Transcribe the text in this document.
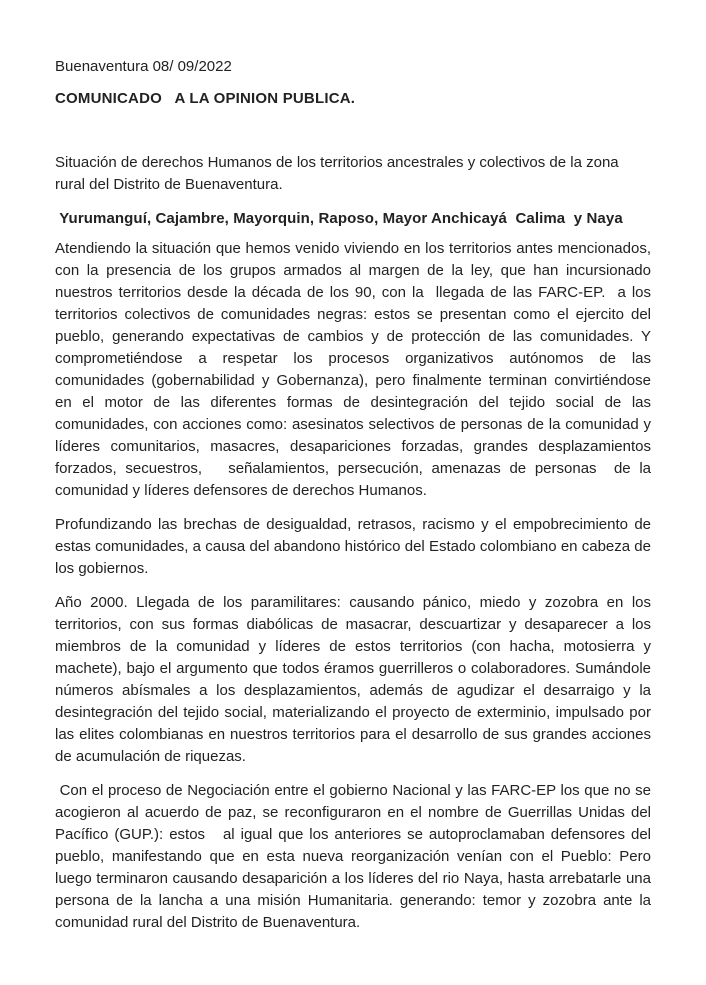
Buenaventura 08/ 09/2022

COMUNICADO   A LA OPINION PUBLICA.

Situación de derechos Humanos de los territorios ancestrales y colectivos de la zona rural del Distrito de Buenaventura.

Yurumanguí, Cajambre, Mayorquin, Raposo, Mayor Anchicayá  Calima  y Naya

Atendiendo la situación que hemos venido viviendo en los territorios antes mencionados, con la presencia de los grupos armados al margen de la ley, que han incursionado nuestros territorios desde la década de los 90, con la  llegada de las FARC-EP.  a los territorios colectivos de comunidades negras: estos se presentan como el ejercito del pueblo, generando expectativas de cambios y de protección de las comunidades. Y comprometiéndose a respetar los procesos organizativos autónomos de las comunidades (gobernabilidad y Gobernanza), pero finalmente terminan convirtiéndose en el motor de las diferentes formas de desintegración del tejido social de las comunidades, con acciones como: asesinatos selectivos de personas de la comunidad y líderes comunitarios, masacres, desapariciones forzadas, grandes desplazamientos forzados, secuestros,   señalamientos, persecución, amenazas de personas  de la comunidad y líderes defensores de derechos Humanos.

Profundizando las brechas de desigualdad, retrasos, racismo y el empobrecimiento de estas comunidades, a causa del abandono histórico del Estado colombiano en cabeza de los gobiernos.

Año 2000. Llegada de los paramilitares: causando pánico, miedo y zozobra en los territorios, con sus formas diabólicas de masacrar, descuartizar y desaparecer a los miembros de la comunidad y líderes de estos territorios (con hacha, motosierra y machete), bajo el argumento que todos éramos guerrilleros o colaboradores. Sumándole números abísmales a los desplazamientos, además de agudizar el desarraigo y la desintegración del tejido social, materializando el proyecto de exterminio, impulsado por las elites colombianas en nuestros territorios para el desarrollo de sus grandes acciones de acumulación de riquezas.

Con el proceso de Negociación entre el gobierno Nacional y las FARC-EP los que no se acogieron al acuerdo de paz, se reconfiguraron en el nombre de Guerrillas Unidas del Pacífico (GUP.): estos   al igual que los anteriores se autoproclamaban defensores del pueblo, manifestando que en esta nueva reorganización venían con el Pueblo: Pero luego terminaron causando desaparición a los líderes del rio Naya, hasta arrebatarle una persona de la lancha a una misión Humanitaria. generando: temor y zozobra ante la comunidad rural del Distrito de Buenaventura.
